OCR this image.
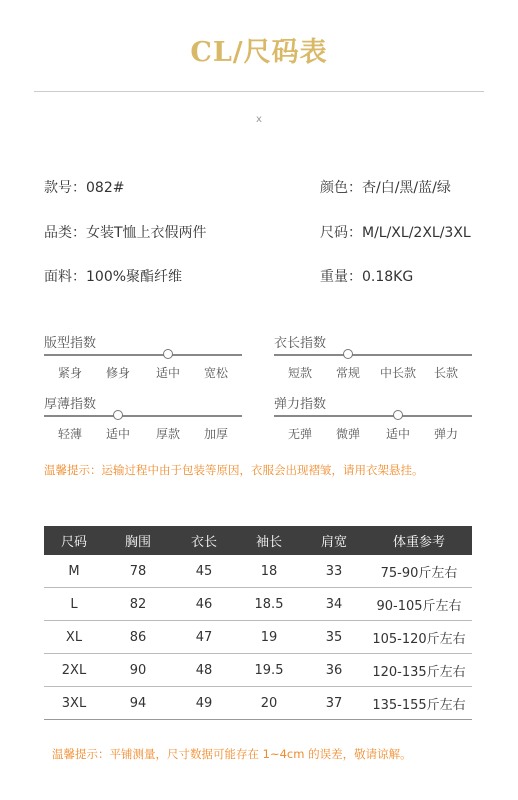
CL/尺码表
x
款号：082#	颜色：杏/白/黑/蓝/绿
品类：女装T恤上衣假两件	尺码：M/L/XL/2XL/3XL
面料：100%聚酯纤维	重量：0.18KG
版型指数
紧身	修身	适中	宽松
衣长指数
短款	常规	中长款	长款
厚薄指数
轻薄	适中	厚款	加厚
弹力指数
无弹	微弹	适中	弹力
温馨提示：运输过程中由于包装等原因，衣服会出现褶皱，请用衣架悬挂。
尺码	胸围	衣长	袖长	肩宽	体重参考
M	78	45	18	33	75-90斤左右
L	82	46	18.5	34	90-105斤左右
XL	86	47	19	35	105-120斤左右
2XL	90	48	19.5	36	120-135斤左右
3XL	94	49	20	37	135-155斤左右
温馨提示：平铺测量，尺寸数据可能存在 1~4cm 的误差，敬请谅解。
